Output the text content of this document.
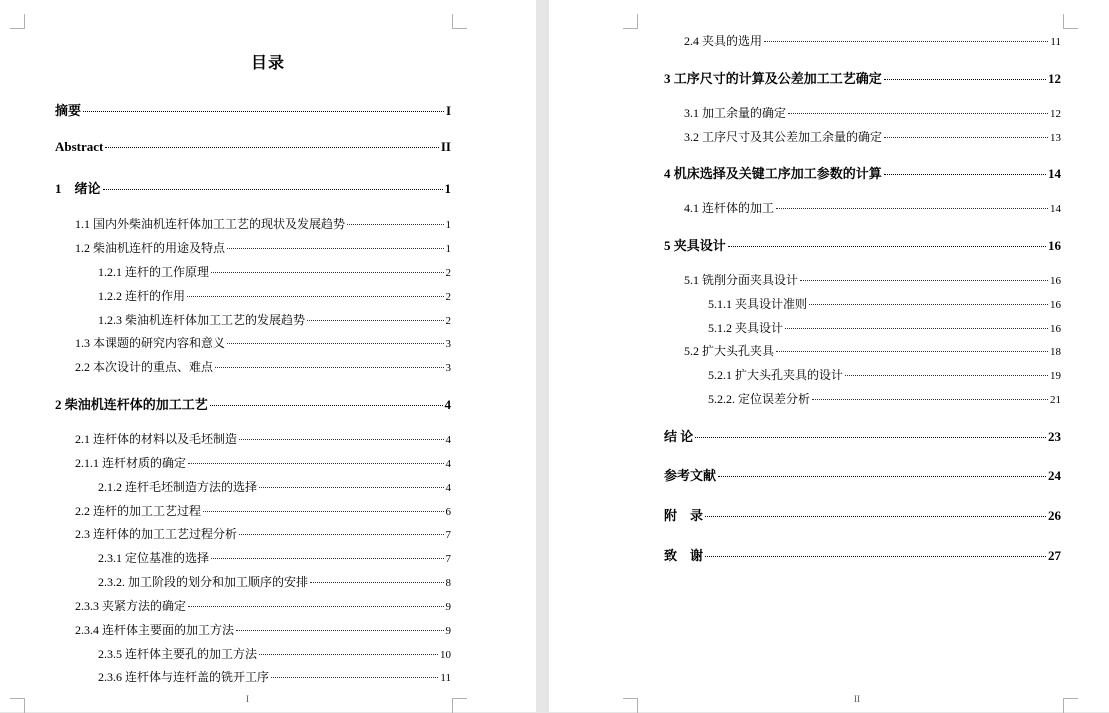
目录
摘要	I
Abstract	II
1　绪论	1
1.1 国内外柴油机连杆体加工工艺的现状及发展趋势	1
1.2 柴油机连杆的用途及特点	1
1.2.1 连杆的工作原理	2
1.2.2 连杆的作用	2
1.2.3 柴油机连杆体加工工艺的发展趋势	2
1.3 本课题的研究内容和意义	3
2.2 本次设计的重点、难点	3
2 柴油机连杆体的加工工艺	4
2.1 连杆体的材料以及毛坯制造	4
2.1.1 连杆材质的确定	4
2.1.2 连杆毛坯制造方法的选择	4
2.2 连杆的加工工艺过程	6
2.3 连杆体的加工工艺过程分析	7
2.3.1 定位基准的选择	7
2.3.2. 加工阶段的划分和加工顺序的安排	8
2.3.3 夹紧方法的确定	9
2.3.4 连杆体主要面的加工方法	9
2.3.5 连杆体主要孔的加工方法	10
2.3.6 连杆体与连杆盖的铣开工序	11
I
2.4 夹具的选用	11
3 工序尺寸的计算及公差加工工艺确定	12
3.1 加工余量的确定	12
3.2 工序尺寸及其公差加工余量的确定	13
4 机床选择及关键工序加工参数的计算	14
4.1 连杆体的加工	14
5 夹具设计	16
5.1 铣削分面夹具设计	16
5.1.1 夹具设计准则	16
5.1.2 夹具设计	16
5.2 扩大头孔夹具	18
5.2.1 扩大头孔夹具的设计	19
5.2.2. 定位误差分析	21
结 论	23
参考文献	24
附　录	26
致　谢	27
II
